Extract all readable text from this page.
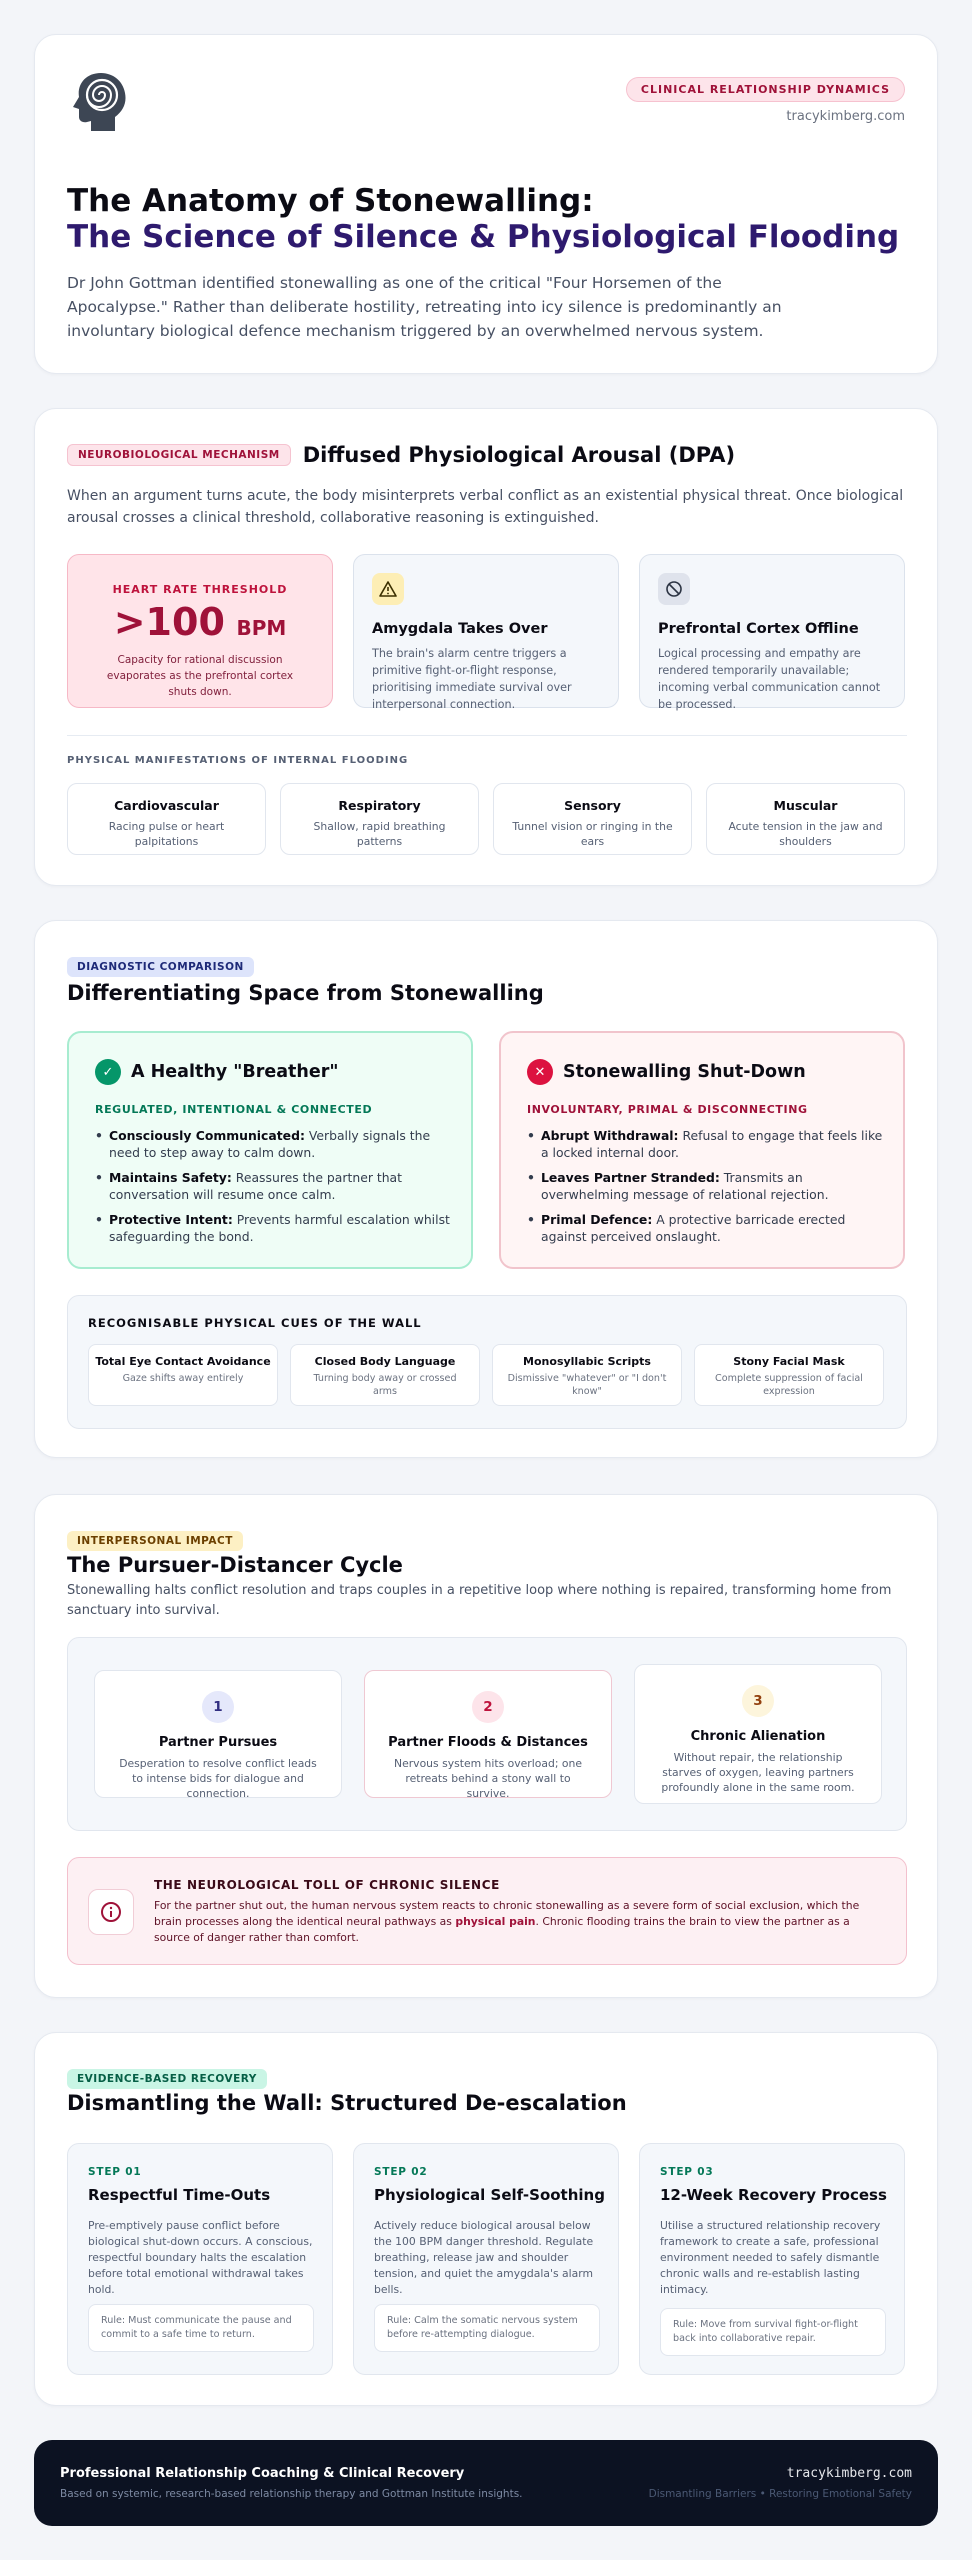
CLINICAL RELATIONSHIP DYNAMICS
tracykimberg.com
The Anatomy of Stonewalling:
The Science of Silence & Physiological Flooding
Dr John Gottman identified stonewalling as one of the critical "Four Horsemen of the Apocalypse." Rather than deliberate hostility, retreating into icy silence is predominantly an involuntary biological defence mechanism triggered by an overwhelmed nervous system.
NEUROBIOLOGICAL MECHANISM	Diffused Physiological Arousal (DPA)
When an argument turns acute, the body misinterprets verbal conflict as an existential physical threat. Once biological arousal crosses a clinical threshold, collaborative reasoning is extinguished.
HEART RATE THRESHOLD
>100 BPM
Capacity for rational discussion evaporates as the prefrontal cortex shuts down.
Amygdala Takes Over
The brain's alarm centre triggers a primitive fight-or-flight response, prioritising immediate survival over interpersonal connection.
Prefrontal Cortex Offline
Logical processing and empathy are rendered temporarily unavailable; incoming verbal communication cannot be processed.
PHYSICAL MANIFESTATIONS OF INTERNAL FLOODING
Cardiovascular
Racing pulse or heart palpitations
Respiratory
Shallow, rapid breathing patterns
Sensory
Tunnel vision or ringing in the ears
Muscular
Acute tension in the jaw and shoulders
DIAGNOSTIC COMPARISON
Differentiating Space from Stonewalling
✓	A Healthy "Breather"
REGULATED, INTENTIONAL & CONNECTED
• Consciously Communicated: Verbally signals the need to step away to calm down.
• Maintains Safety: Reassures the partner that conversation will resume once calm.
• Protective Intent: Prevents harmful escalation whilst safeguarding the bond.
✕	Stonewalling Shut-Down
INVOLUNTARY, PRIMAL & DISCONNECTING
• Abrupt Withdrawal: Refusal to engage that feels like a locked internal door.
• Leaves Partner Stranded: Transmits an overwhelming message of relational rejection.
• Primal Defence: A protective barricade erected against perceived onslaught.
RECOGNISABLE PHYSICAL CUES OF THE WALL
Total Eye Contact Avoidance
Gaze shifts away entirely
Closed Body Language
Turning body away or crossed arms
Monosyllabic Scripts
Dismissive "whatever" or "I don't know"
Stony Facial Mask
Complete suppression of facial expression
INTERPERSONAL IMPACT
The Pursuer-Distancer Cycle
Stonewalling halts conflict resolution and traps couples in a repetitive loop where nothing is repaired, transforming home from sanctuary into survival.
1
Partner Pursues
Desperation to resolve conflict leads to intense bids for dialogue and connection.
2
Partner Floods & Distances
Nervous system hits overload; one retreats behind a stony wall to survive.
3
Chronic Alienation
Without repair, the relationship starves of oxygen, leaving partners profoundly alone in the same room.
THE NEUROLOGICAL TOLL OF CHRONIC SILENCE
For the partner shut out, the human nervous system reacts to chronic stonewalling as a severe form of social exclusion, which the brain processes along the identical neural pathways as physical pain. Chronic flooding trains the brain to view the partner as a source of danger rather than comfort.
EVIDENCE-BASED RECOVERY
Dismantling the Wall: Structured De-escalation
STEP 01
Respectful Time-Outs
Pre-emptively pause conflict before biological shut-down occurs. A conscious, respectful boundary halts the escalation before total emotional withdrawal takes hold.
Rule: Must communicate the pause and commit to a safe time to return.
STEP 02
Physiological Self-Soothing
Actively reduce biological arousal below the 100 BPM danger threshold. Regulate breathing, release jaw and shoulder tension, and quiet the amygdala's alarm bells.
Rule: Calm the somatic nervous system before re-attempting dialogue.
STEP 03
12-Week Recovery Process
Utilise a structured relationship recovery framework to create a safe, professional environment needed to safely dismantle chronic walls and re-establish lasting intimacy.
Rule: Move from survival fight-or-flight back into collaborative repair.
Professional Relationship Coaching & Clinical Recovery
Based on systemic, research-based relationship therapy and Gottman Institute insights.
tracykimberg.com
Dismantling Barriers • Restoring Emotional Safety
